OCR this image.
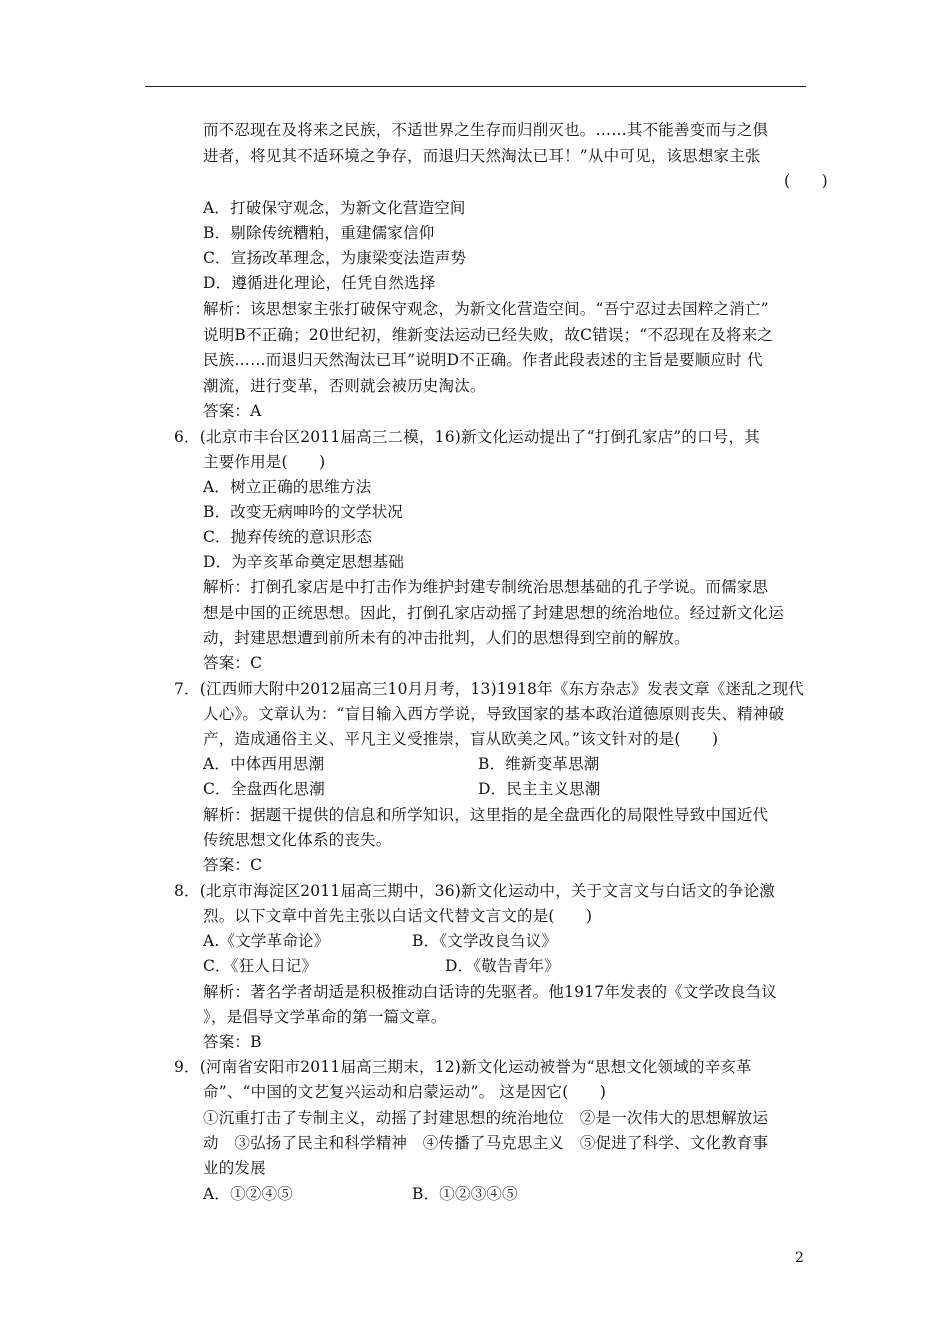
而不忍现在及将来之民族，不适世界之生存而归削灭也。……其不能善变而与之俱
进者，将见其不适环境之争存，而退归天然淘汰已耳！”从中可见，该思想家主张
(　　)
A．打破保守观念，为新文化营造空间
B．剔除传统糟粕，重建儒家信仰
C．宣扬改革理念，为康梁变法造声势
D．遵循进化理论，任凭自然选择
解析：该思想家主张打破保守观念，为新文化营造空间。“吾宁忍过去国粹之消亡”
说明B不正确；20世纪初，维新变法运动已经失败，故C错误；“不忍现在及将来之
民族……而退归天然淘汰已耳”说明D不正确。作者此段表述的主旨是要顺应时 代
潮流，进行变革，否则就会被历史淘汰。
答案：A
6．(北京市丰台区2011届高三二模，16)新文化运动提出了“打倒孔家店”的口号，其
主要作用是(　　)
A．树立正确的思维方法
B．改变无病呻吟的文学状况
C．抛弃传统的意识形态
D．为辛亥革命奠定思想基础
解析：打倒孔家店是中打击作为维护封建专制统治思想基础的孔子学说。而儒家思
想是中国的正统思想。因此，打倒孔家店动摇了封建思想的统治地位。经过新文化运
动，封建思想遭到前所未有的冲击批判，人们的思想得到空前的解放。
答案：C
7．(江西师大附中2012届高三10月月考，13)1918年《东方杂志》发表文章《迷乱之现代
人心》。文章认为：“盲目输入西方学说，导致国家的基本政治道德原则丧失、精神破
产，造成通俗主义、平凡主义受推崇，盲从欧美之风。”该文针对的是(　　)
A．中体西用思潮	B．维新变革思潮
C．全盘西化思潮	D．民主主义思潮
解析：据题干提供的信息和所学知识，这里指的是全盘西化的局限性导致中国近代
传统思想文化体系的丧失。
答案：C
8．(北京市海淀区2011届高三期中，36)新文化运动中，关于文言文与白话文的争论激
烈。以下文章中首先主张以白话文代替文言文的是(　　)
A.《文学革命论》	B．《文学改良刍议》
C．《狂人日记》	D．《敬告青年》
解析：著名学者胡适是积极推动白话诗的先驱者。他1917年发表的《文学改良刍议
》，是倡导文学革命的第一篇文章。
答案：B
9．(河南省安阳市2011届高三期末，12)新文化运动被誉为“思想文化领域的辛亥革
命”、“中国的文艺复兴运动和启蒙运动”。 这是因它(　　)
①沉重打击了专制主义，动摇了封建思想的统治地位　②是一次伟大的思想解放运
动　③弘扬了民主和科学精神　④传播了马克思主义　⑤促进了科学、文化教育事
业的发展
A．①②④⑤	B．①②③④⑤
2
